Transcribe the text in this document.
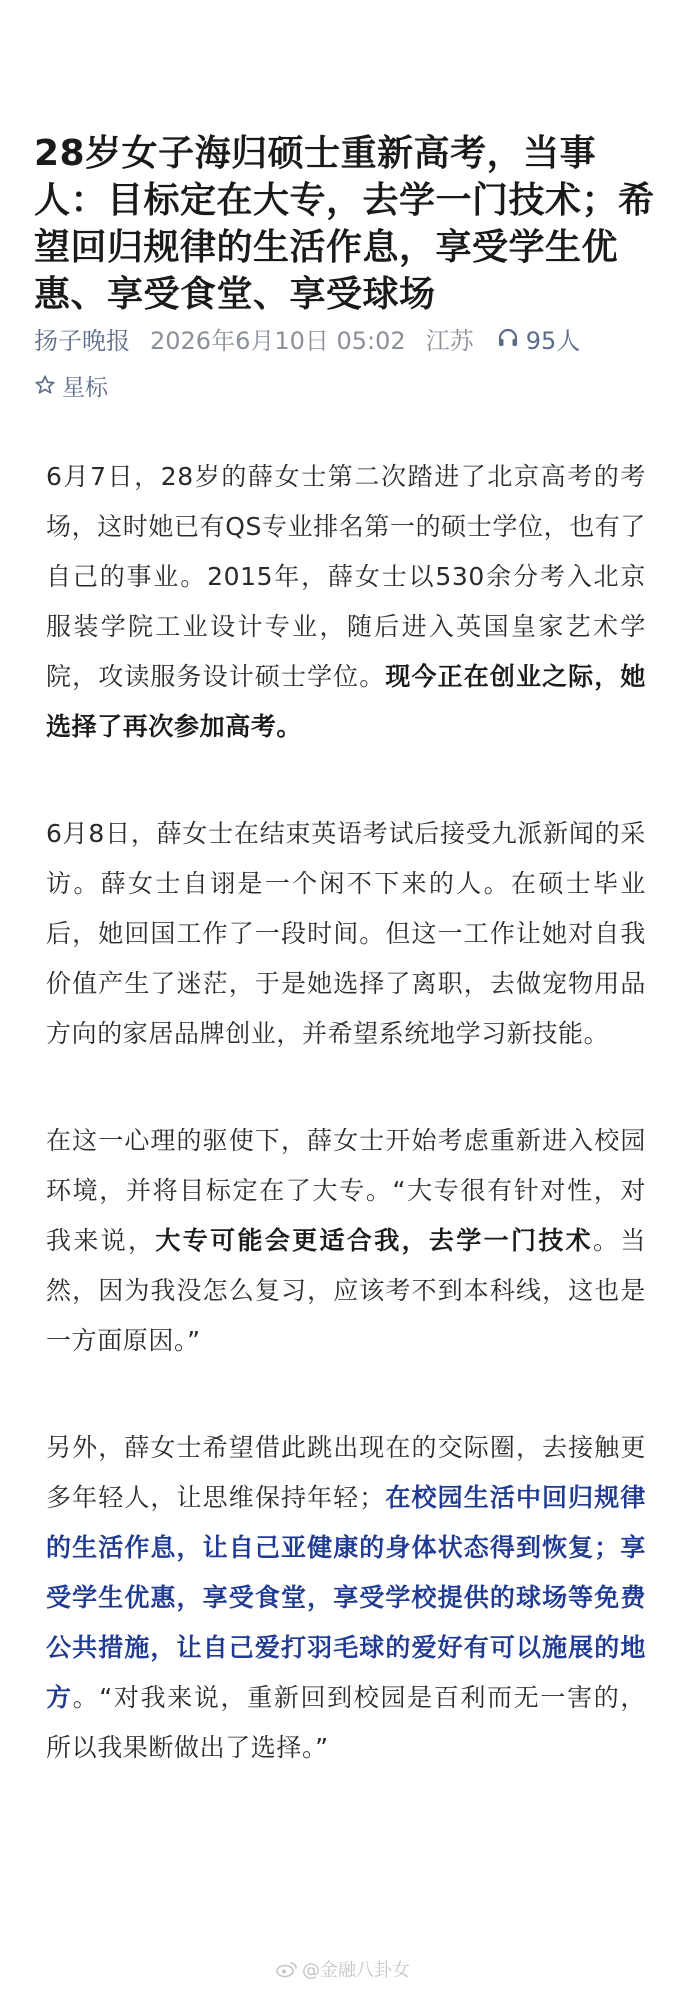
28岁女子海归硕士重新高考，当事人：目标定在大专，去学一门技术；希望回归规律的生活作息，享受学生优惠、享受食堂、享受球场
扬子晚报 2026年6月10日 05:02 江苏 95人
星标

6月7日，28岁的薛女士第二次踏进了北京高考的考场，这时她已有QS专业排名第一的硕士学位，也有了自己的事业。2015年，薛女士以530余分考入北京服装学院工业设计专业，随后进入英国皇家艺术学院，攻读服务设计硕士学位。现今正在创业之际，她选择了再次参加高考。

6月8日，薛女士在结束英语考试后接受九派新闻的采访。薛女士自诩是一个闲不下来的人。在硕士毕业后，她回国工作了一段时间。但这一工作让她对自我价值产生了迷茫，于是她选择了离职，去做宠物用品方向的家居品牌创业，并希望系统地学习新技能。

在这一心理的驱使下，薛女士开始考虑重新进入校园环境，并将目标定在了大专。“大专很有针对性，对我来说，大专可能会更适合我，去学一门技术。当然，因为我没怎么复习，应该考不到本科线，这也是一方面原因。”

另外，薛女士希望借此跳出现在的交际圈，去接触更多年轻人，让思维保持年轻；在校园生活中回归规律的生活作息，让自己亚健康的身体状态得到恢复；享受学生优惠，享受食堂，享受学校提供的球场等免费公共措施，让自己爱打羽毛球的爱好有可以施展的地方。“对我来说，重新回到校园是百利而无一害的，所以我果断做出了选择。”

@金融八卦女
